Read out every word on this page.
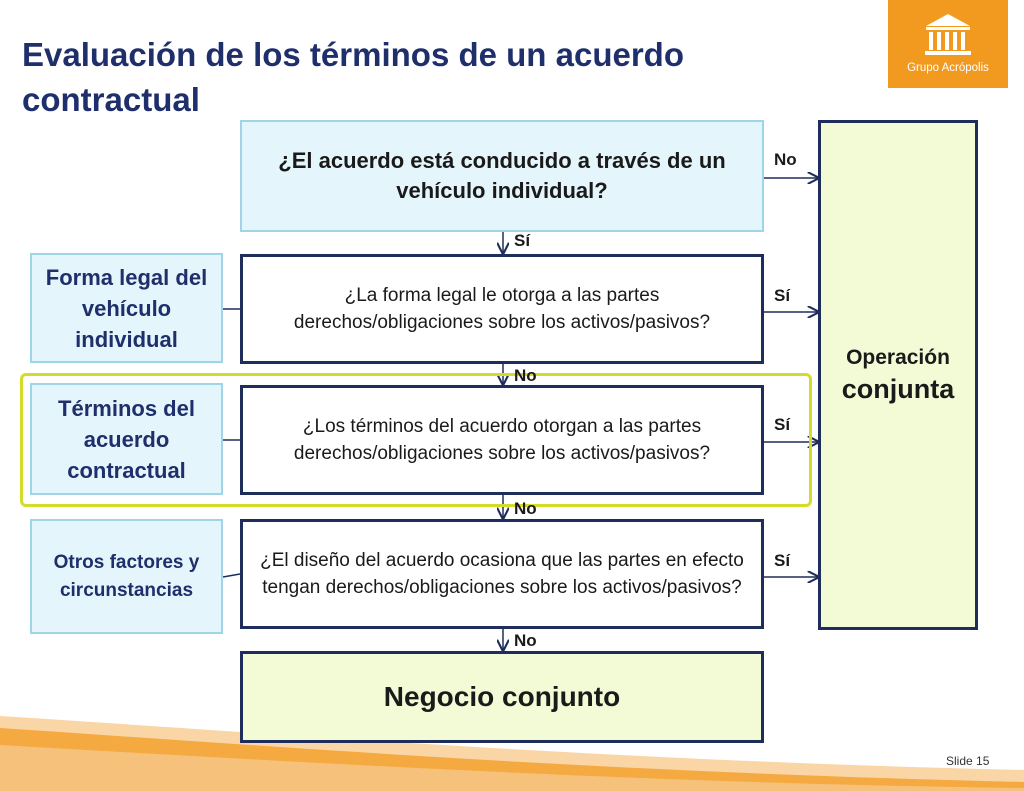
Evaluación de los términos de un acuerdo contractual
Grupo Acrópolis
¿El acuerdo está conducido a través de un vehículo individual?
¿La forma legal le otorga a las partes derechos/obligaciones sobre los activos/pasivos?
¿Los términos del acuerdo otorgan a las partes derechos/obligaciones sobre los activos/pasivos?
¿El diseño del acuerdo ocasiona que las partes en efecto tengan derechos/obligaciones sobre los activos/pasivos?
Negocio conjunto
Operación
conjunta
Forma legal del vehículo individual
Términos del acuerdo contractual
Otros factores y circunstancias
No
Sí
Sí
No
Sí
No
Sí
No
Slide 15
